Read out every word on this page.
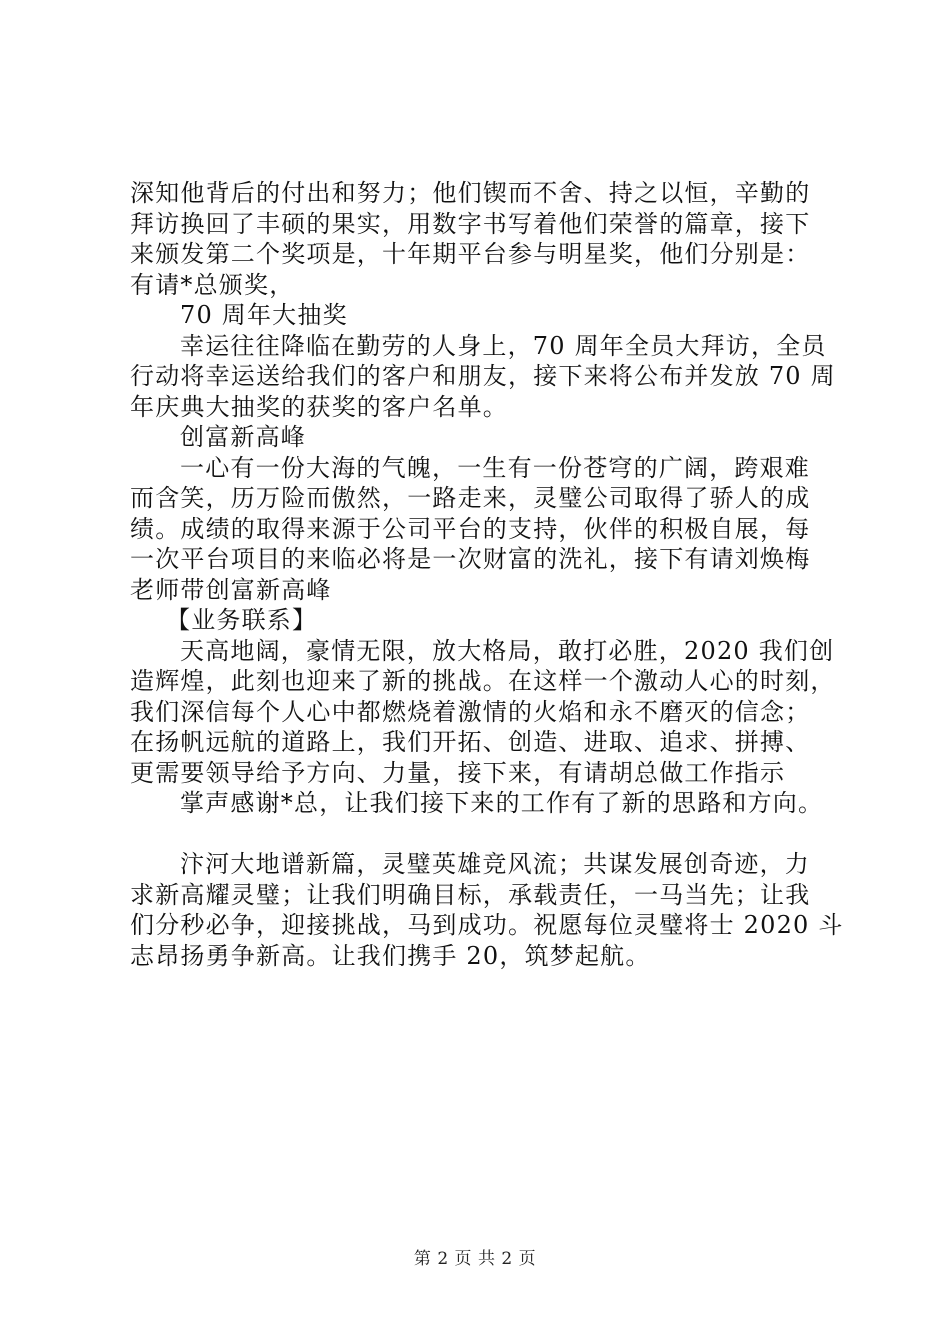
深知他背后的付出和努力；他们锲而不舍、持之以恒，辛勤的
拜访换回了丰硕的果实，用数字书写着他们荣誉的篇章，接下
来颁发第二个奖项是，十年期平台参与明星奖，他们分别是：
有请*总颁奖，
70 周年大抽奖
幸运往往降临在勤劳的人身上，70 周年全员大拜访，全员
行动将幸运送给我们的客户和朋友，接下来将公布并发放 70 周
年庆典大抽奖的获奖的客户名单。
创富新高峰
一心有一份大海的气魄，一生有一份苍穹的广阔，跨艰难
而含笑，历万险而傲然，一路走来，灵璧公司取得了骄人的成
绩。成绩的取得来源于公司平台的支持，伙伴的积极自展，每
一次平台项目的来临必将是一次财富的洗礼，接下有请刘焕梅
老师带创富新高峰
【业务联系】
天高地阔，豪情无限，放大格局，敢打必胜，2020 我们创
造辉煌，此刻也迎来了新的挑战。在这样一个激动人心的时刻，
我们深信每个人心中都燃烧着激情的火焰和永不磨灭的信念；
在扬帆远航的道路上，我们开拓、创造、进取、追求、拼搏、
更需要领导给予方向、力量，接下来，有请胡总做工作指示
掌声感谢*总，让我们接下来的工作有了新的思路和方向。
汴河大地谱新篇，灵璧英雄竞风流；共谋发展创奇迹，力
求新高耀灵璧；让我们明确目标，承载责任，一马当先；让我
们分秒必争，迎接挑战，马到成功。祝愿每位灵璧将士 2020 斗
志昂扬勇争新高。让我们携手 20，筑梦起航。
第 2 页 共 2 页
